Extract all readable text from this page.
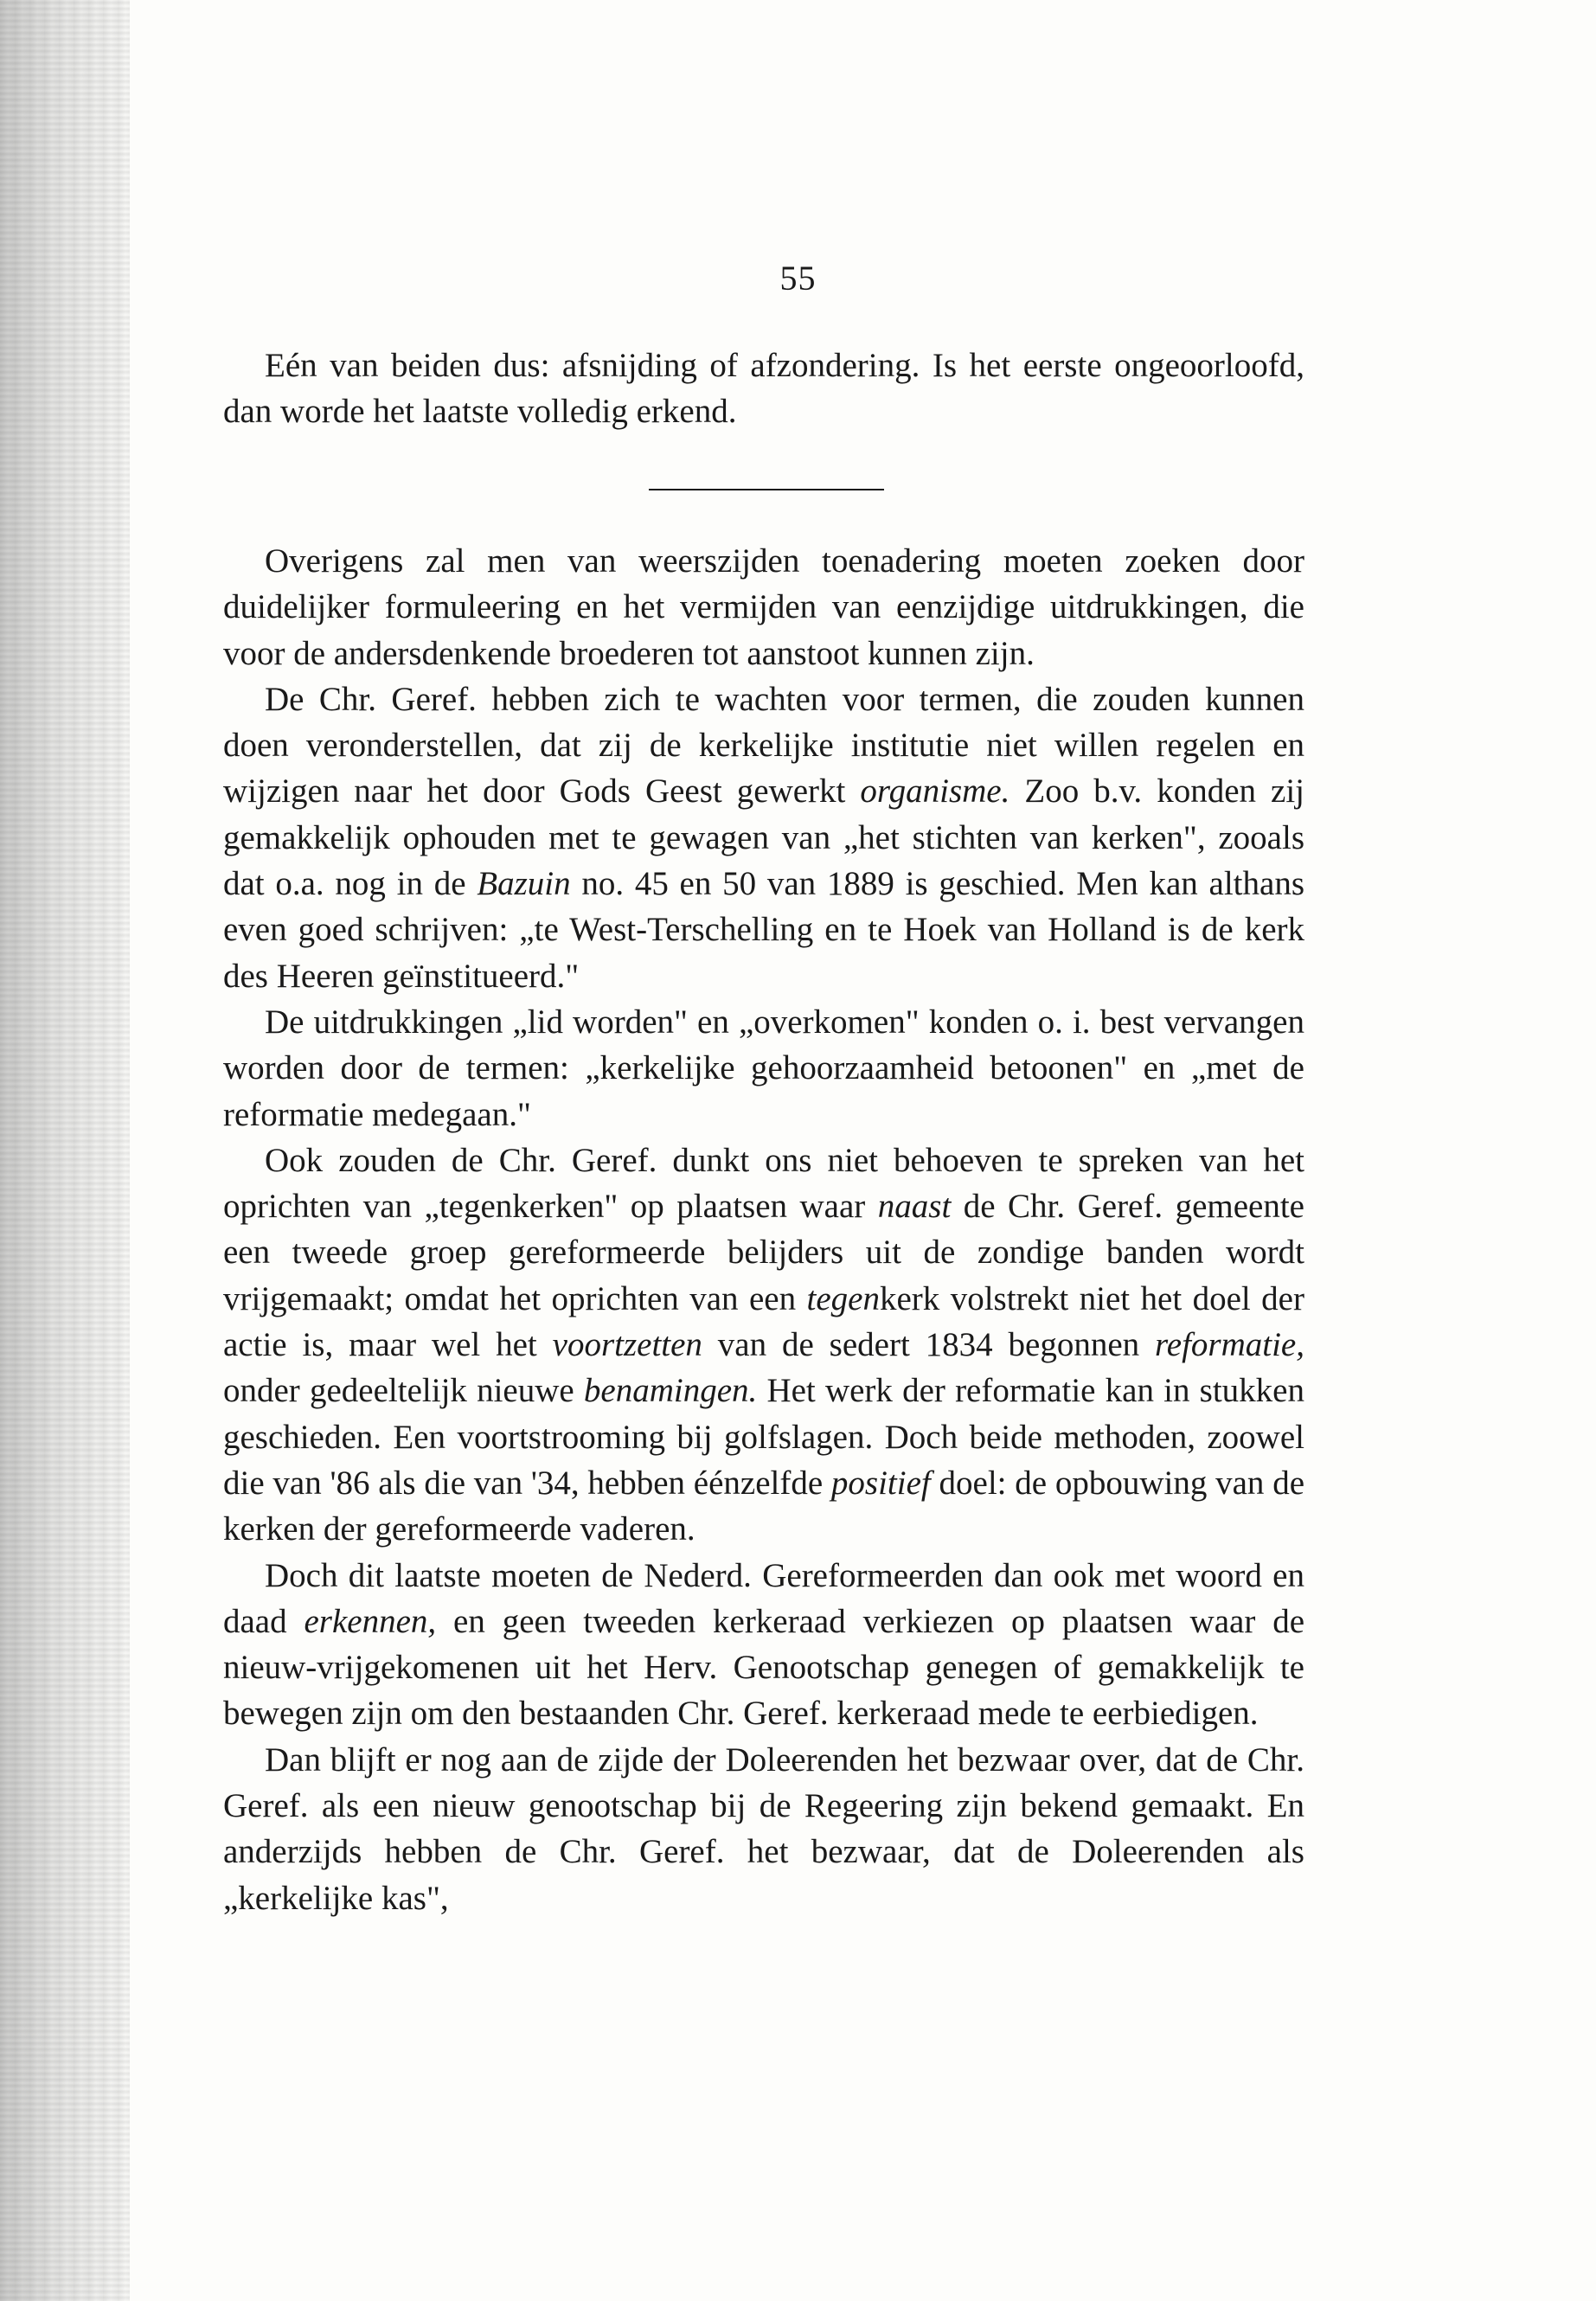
55

Eén van beiden dus: afsnijding of afzondering. Is het eerste ongeoorloofd, dan worde het laatste volledig erkend.

Overigens zal men van weerszijden toenadering moeten zoeken door duidelijker formuleering en het vermijden van eenzijdige uitdrukkingen, die voor de andersdenkende broederen tot aanstoot kunnen zijn.

De Chr. Geref. hebben zich te wachten voor termen, die zouden kunnen doen veronderstellen, dat zij de kerkelijke institutie niet willen regelen en wijzigen naar het door Gods Geest gewerkt organisme. Zoo b.v. konden zij gemakkelijk ophouden met te gewagen van „het stichten van kerken", zooals dat o.a. nog in de Bazuin no. 45 en 50 van 1889 is geschied. Men kan althans even goed schrijven: „te West-Terschelling en te Hoek van Holland is de kerk des Heeren geïnstitueerd."

De uitdrukkingen „lid worden" en „overkomen" konden o. i. best vervangen worden door de termen: „kerkelijke gehoorzaamheid betoonen" en „met de reformatie medegaan."

Ook zouden de Chr. Geref. dunkt ons niet behoeven te spreken van het oprichten van „tegenkerken" op plaatsen waar naast de Chr. Geref. gemeente een tweede groep gereformeerde belijders uit de zondige banden wordt vrijgemaakt; omdat het oprichten van een tegenkerk volstrekt niet het doel der actie is, maar wel het voortzetten van de sedert 1834 begonnen reformatie, onder gedeeltelijk nieuwe benamingen. Het werk der reformatie kan in stukken geschieden. Een voortstrooming bij golfslagen. Doch beide methoden, zoowel die van '86 als die van '34, hebben éénzelfde positief doel: de opbouwing van de kerken der gereformeerde vaderen.

Doch dit laatste moeten de Nederd. Gereformeerden dan ook met woord en daad erkennen, en geen tweeden kerkeraad verkiezen op plaatsen waar de nieuw-vrijgekomenen uit het Herv. Genootschap genegen of gemakkelijk te bewegen zijn om den bestaanden Chr. Geref. kerkeraad mede te eerbiedigen.

Dan blijft er nog aan de zijde der Doleerenden het bezwaar over, dat de Chr. Geref. als een nieuw genootschap bij de Regeering zijn bekend gemaakt. En anderzijds hebben de Chr. Geref. het bezwaar, dat de Doleerenden als „kerkelijke kas",
